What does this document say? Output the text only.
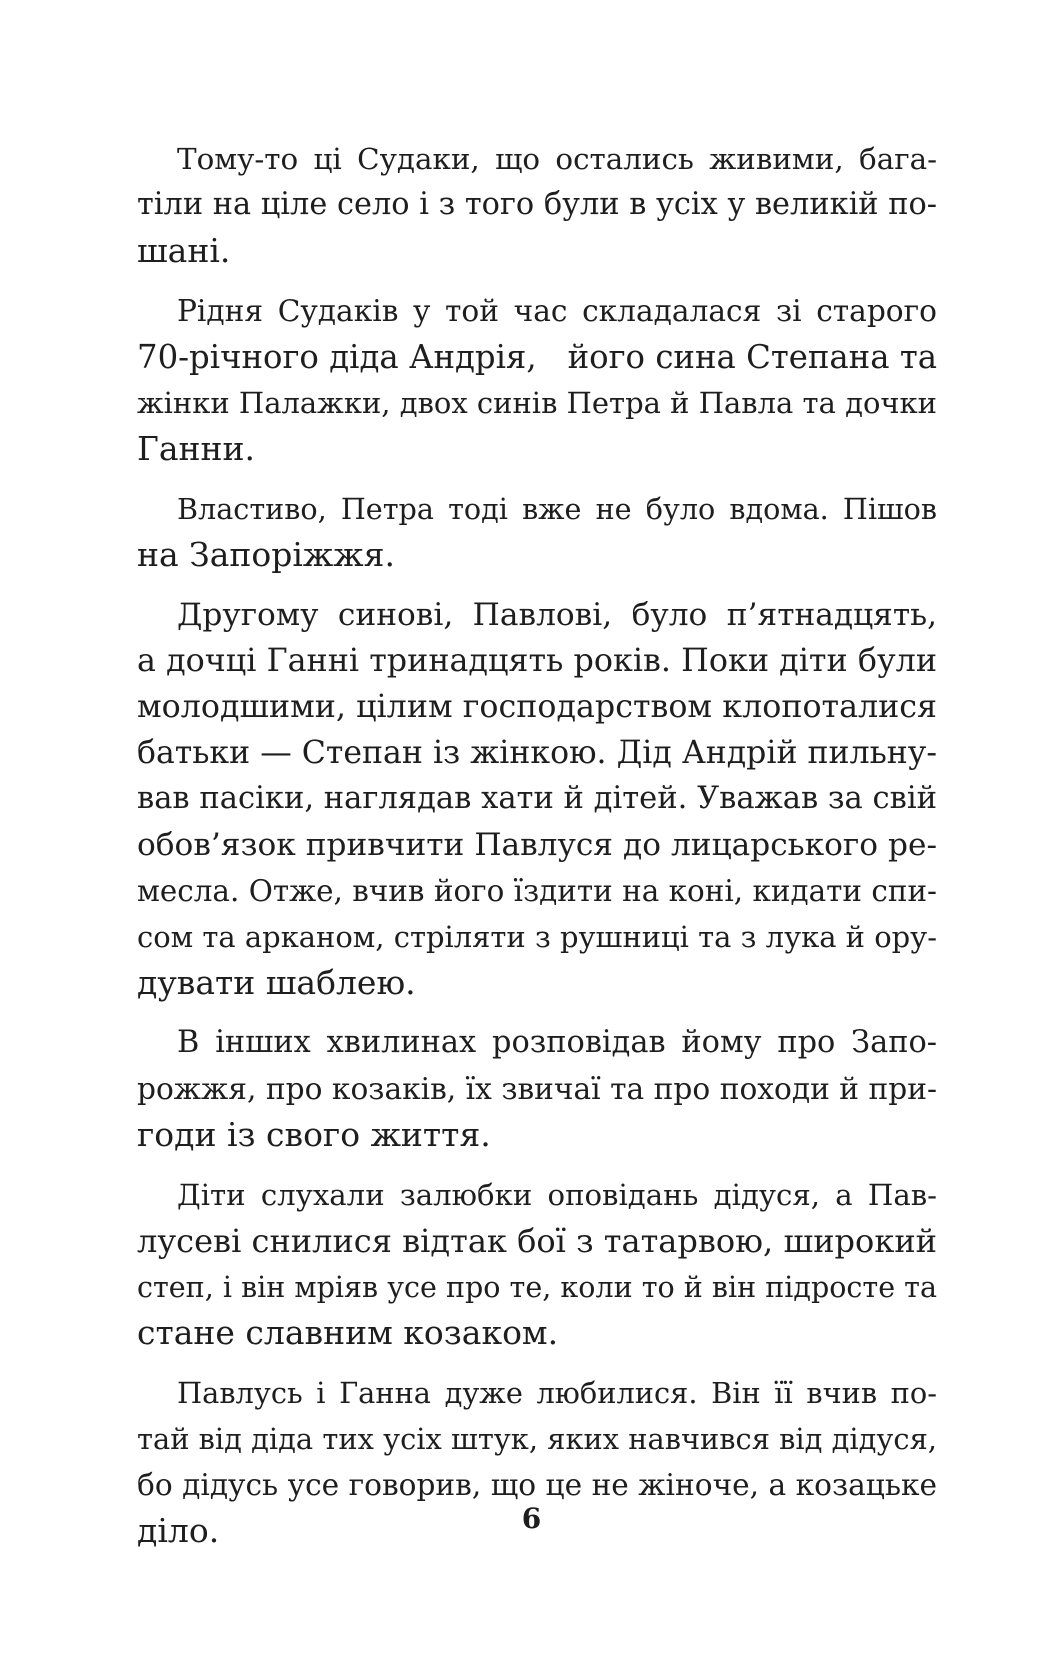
Тому-то ці Судаки, що остались живими, бага-
тіли на ціле село і з того були в усіх у великій по-
шані.
Рідня Судаків у той час складалася зі старого
70-річного діда Андрія,   його сина Степана та
жінки Палажки, двох синів Петра й Павла та дочки
Ганни.
Властиво, Петра тоді вже не було вдома. Пішов
на Запоріжжя.
Другому синові, Павлові, було п’ятнадцять,
а дочці Ганні тринадцять років. Поки діти були
молодшими, цілим господарством клопоталися
батьки — Степан із жінкою. Дід Андрій пильну-
вав пасіки, наглядав хати й дітей. Уважав за свій
обов’язок привчити Павлуся до лицарського ре-
месла. Отже, вчив його їздити на коні, кидати спи-
сом та арканом, стріляти з рушниці та з лука й ору-
дувати шаблею.
В інших хвилинах розповідав йому про Запо-
рожжя, про козаків, їх звичаї та про походи й при-
годи із свого життя.
Діти слухали залюбки оповідань дідуся, а Пав-
лусеві снилися відтак бої з татарвою, широкий
степ, і він мріяв усе про те, коли то й він підросте та
стане славним козаком.
Павлусь і Ганна дуже любилися. Він її вчив по-
тай від діда тих усіх штук, яких навчився від дідуся,
бо дідусь усе говорив, що це не жіноче, а козацьке
діло.	6
